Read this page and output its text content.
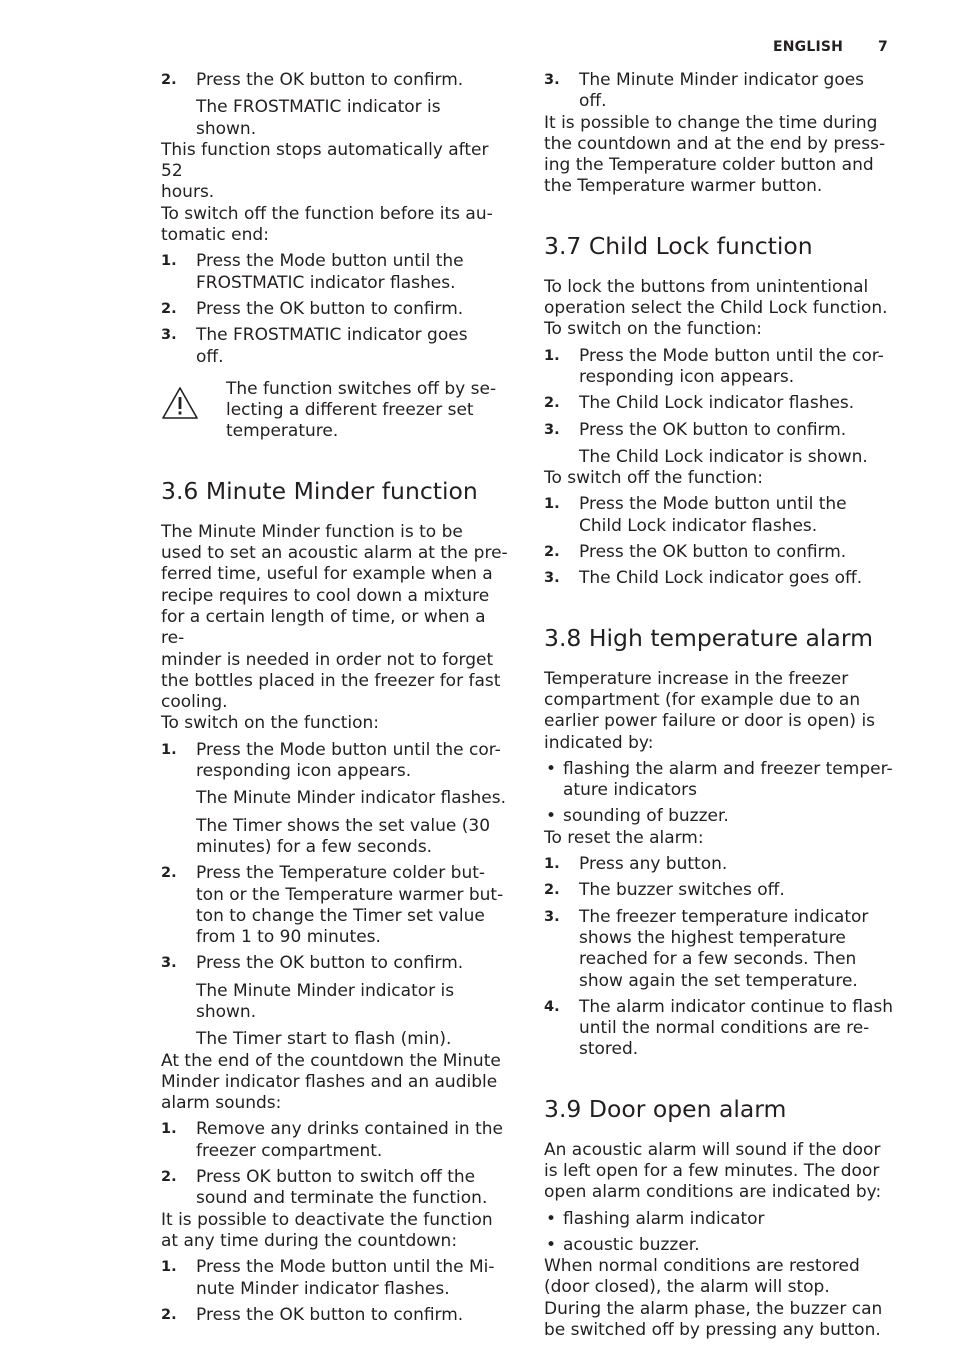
ENGLISH 7
2. Press the OK button to confirm.
The FROSTMATIC indicator is
shown.
This function stops automatically after 52
hours.
To switch off the function before its au-
tomatic end:
1. Press the Mode button until the
FROSTMATIC indicator flashes.
2. Press the OK button to confirm.
3. The FROSTMATIC indicator goes
off.
The function switches off by se-
lecting a different freezer set
temperature.
3.6 Minute Minder function
The Minute Minder function is to be
used to set an acoustic alarm at the pre-
ferred time, useful for example when a
recipe requires to cool down a mixture
for a certain length of time, or when a re-
minder is needed in order not to forget
the bottles placed in the freezer for fast
cooling.
To switch on the function:
1. Press the Mode button until the cor-
responding icon appears.
The Minute Minder indicator flashes.
The Timer shows the set value (30
minutes) for a few seconds.
2. Press the Temperature colder but-
ton or the Temperature warmer but-
ton to change the Timer set value
from 1 to 90 minutes.
3. Press the OK button to confirm.
The Minute Minder indicator is
shown.
The Timer start to flash (min).
At the end of the countdown the Minute
Minder indicator flashes and an audible
alarm sounds:
1. Remove any drinks contained in the
freezer compartment.
2. Press OK button to switch off the
sound and terminate the function.
It is possible to deactivate the function
at any time during the countdown:
1. Press the Mode button until the Mi-
nute Minder indicator flashes.
2. Press the OK button to confirm.
3. The Minute Minder indicator goes
off.
It is possible to change the time during
the countdown and at the end by press-
ing the Temperature colder button and
the Temperature warmer button.
3.7 Child Lock function
To lock the buttons from unintentional
operation select the Child Lock function.
To switch on the function:
1. Press the Mode button until the cor-
responding icon appears.
2. The Child Lock indicator flashes.
3. Press the OK button to confirm.
The Child Lock indicator is shown.
To switch off the function:
1. Press the Mode button until the
Child Lock indicator flashes.
2. Press the OK button to confirm.
3. The Child Lock indicator goes off.
3.8 High temperature alarm
Temperature increase in the freezer
compartment (for example due to an
earlier power failure or door is open) is
indicated by:
• flashing the alarm and freezer temper-
ature indicators
• sounding of buzzer.
To reset the alarm:
1. Press any button.
2. The buzzer switches off.
3. The freezer temperature indicator
shows the highest temperature
reached for a few seconds. Then
show again the set temperature.
4. The alarm indicator continue to flash
until the normal conditions are re-
stored.
3.9 Door open alarm
An acoustic alarm will sound if the door
is left open for a few minutes. The door
open alarm conditions are indicated by:
• flashing alarm indicator
• acoustic buzzer.
When normal conditions are restored
(door closed), the alarm will stop.
During the alarm phase, the buzzer can
be switched off by pressing any button.
